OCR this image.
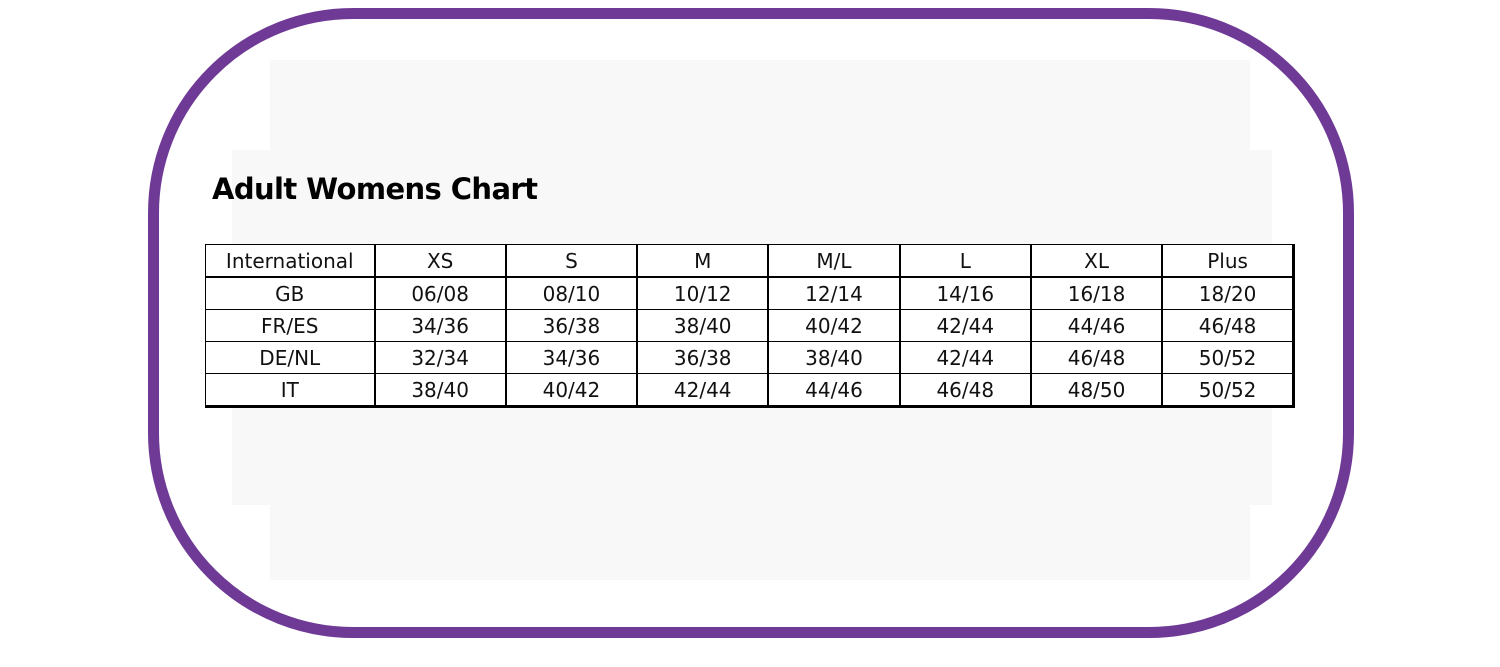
Adult Womens Chart
International	XS	S	M	M/L	L	XL	Plus
GB	06/08	08/10	10/12	12/14	14/16	16/18	18/20
FR/ES	34/36	36/38	38/40	40/42	42/44	44/46	46/48
DE/NL	32/34	34/36	36/38	38/40	42/44	46/48	50/52
IT	38/40	40/42	42/44	44/46	46/48	48/50	50/52
